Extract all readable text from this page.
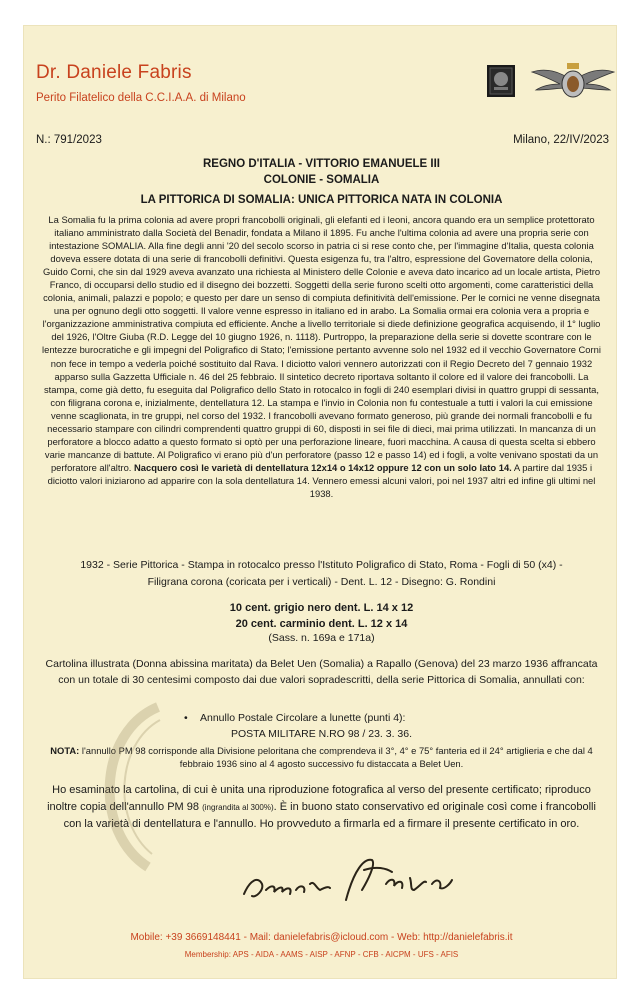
Dr. Daniele Fabris
Perito Filatelico della C.C.I.A.A. di Milano
N.: 791/2023	Milano, 22/IV/2023
REGNO D'ITALIA - VITTORIO EMANUELE III
COLONIE - SOMALIA
LA PITTORICA DI SOMALIA: UNICA PITTORICA NATA IN COLONIA

La Somalia fu la prima colonia ad avere propri francobolli originali, gli elefanti ed i leoni, ancora quando era un semplice protettorato italiano amministrato dalla Società del Benadir, fondata a Milano il 1895. Fu anche l'ultima colonia ad avere una propria serie con intestazione SOMALIA. Alla fine degli anni '20 del secolo scorso in patria ci si rese conto che, per l'immagine d'Italia, questa colonia doveva essere dotata di una serie di francobolli definitivi. Questa esigenza fu, tra l'altro, espressione del Governatore della colonia, Guido Corni, che sin dal 1929 aveva avanzato una richiesta al Ministero delle Colonie e aveva dato incarico ad un locale artista, Pietro Franco, di occuparsi dello studio ed il disegno dei bozzetti. Soggetti della serie furono scelti otto argomenti, come caratteristici della colonia, animali, palazzi e popolo; e questo per dare un senso di compiuta definitività dell'emissione. Per le cornici ne venne disegnata una per ognuno degli otto soggetti. Il valore venne espresso in italiano ed in arabo. La Somalia ormai era colonia vera a propria e l'organizzazione amministrativa compiuta ed efficiente. Anche a livello territoriale si diede definizione geografica acquisendo, il 1° luglio del 1926, l'Oltre Giuba (R.D. Legge del 10 giugno 1926, n. 1118). Purtroppo, la preparazione della serie si dovette scontrare con le lentezze burocratiche e gli impegni del Poligrafico di Stato; l'emissione pertanto avvenne solo nel 1932 ed il vecchio Governatore Corni non fece in tempo a vederla poiché sostituito dal Rava. I diciotto valori vennero autorizzati con il Regio Decreto del 7 gennaio 1932 apparso sulla Gazzetta Ufficiale n. 46 del 25 febbraio. Il sintetico decreto riportava soltanto il colore ed il valore dei francobolli. La stampa, come già detto, fu eseguita dal Poligrafico dello Stato in rotocalco in fogli di 240 esemplari divisi in quattro gruppi di sessanta, con filigrana corona e, inizialmente, dentellatura 12. La stampa e l'invio in Colonia non fu contestuale a tutti i valori la cui emissione venne scaglionata, in tre gruppi, nel corso del 1932. I francobolli avevano formato generoso, più grande dei normali francobolli e fu necessario stampare con cilindri comprendenti quattro gruppi di 60, disposti in sei file di dieci, mai prima utilizzati. In mancanza di un perforatore a blocco adatto a questo formato si optò per una perforazione lineare, fuori macchina. A causa di questa scelta si ebbero varie mancanze di battute. Al Poligrafico vi erano più d'un perforatore (passo 12 e passo 14) ed i fogli, a volte venivano spostati da un perforatore all'altro. Nacquero così le varietà di dentellatura 12x14 o 14x12 oppure 12 con un solo lato 14. A partire dal 1935 i diciotto valori iniziarono ad apparire con la sola dentellatura 14. Vennero emessi alcuni valori, poi nel 1937 altri ed infine gli ultimi nel 1938.

1932 - Serie Pittorica - Stampa in rotocalco presso l'Istituto Poligrafico di Stato, Roma - Fogli di 50 (x4) -
Filigrana corona (coricata per i verticali) - Dent. L. 12 - Disegno: G. Rondini
10 cent. grigio nero dent. L. 14 x 12
20 cent. carminio dent. L. 12 x 14
(Sass. n. 169a e 171a)
Cartolina illustrata (Donna abissina maritata) da Belet Uen (Somalia) a Rapallo (Genova) del 23 marzo 1936 affrancata con un totale di 30 centesimi composto dai due valori sopradescritti, della serie Pittorica di Somalia, annullati con:
• Annullo Postale Circolare a lunette (punti 4):
POSTA MILITARE N.RO 98 / 23. 3. 36.
NOTA: l'annullo PM 98 corrisponde alla Divisione peloritana che comprendeva il 3°, 4° e 75° fanteria ed il 24° artiglieria e che dal 4 febbraio 1936 sino al 4 agosto successivo fu distaccata a Belet Uen.
Ho esaminato la cartolina, di cui è unita una riproduzione fotografica al verso del presente certificato; riproduco inoltre copia dell'annullo PM 98 (ingrandita al 300%). È in buono stato conservativo ed originale così come i francobolli con la varietà di dentellatura e l'annullo. Ho provveduto a firmarla ed a firmare il presente certificato in oro.
Mobile: +39 3669148441 - Mail: danielefabris@icloud.com - Web: http://danielefabris.it
Membership: APS - AIDA - AAMS - AISP - AFNP - CFB - AICPM - UFS - AFIS
